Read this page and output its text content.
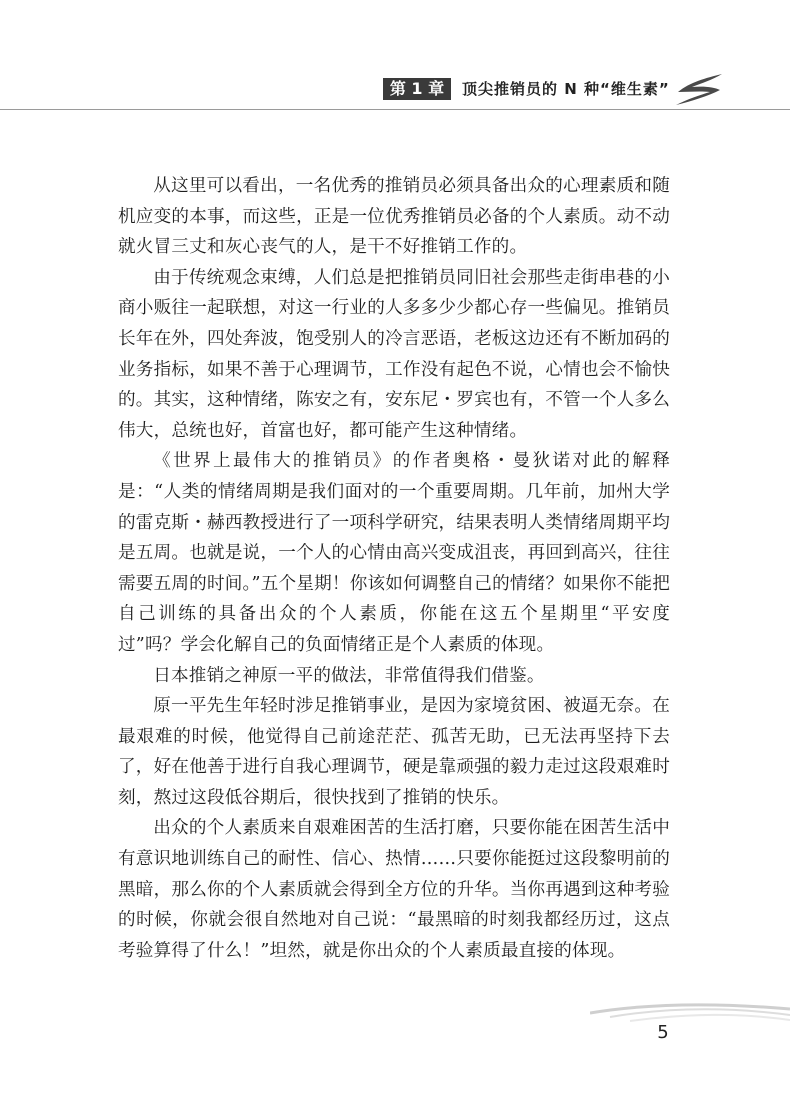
第 1 章	顶尖推销员的 N 种“维生素”

从这里可以看出，一名优秀的推销员必须具备出众的心理素质和随机应变的本事，而这些，正是一位优秀推销员必备的个人素质。动不动就火冒三丈和灰心丧气的人，是干不好推销工作的。

由于传统观念束缚，人们总是把推销员同旧社会那些走街串巷的小商小贩往一起联想，对这一行业的人多多少少都心存一些偏见。推销员长年在外，四处奔波，饱受别人的冷言恶语，老板这边还有不断加码的业务指标，如果不善于心理调节，工作没有起色不说，心情也会不愉快的。其实，这种情绪，陈安之有，安东尼・罗宾也有，不管一个人多么伟大，总统也好，首富也好，都可能产生这种情绪。

《世界上最伟大的推销员》的作者奥格・曼狄诺对此的解释是：“人类的情绪周期是我们面对的一个重要周期。几年前，加州大学的雷克斯・赫西教授进行了一项科学研究，结果表明人类情绪周期平均是五周。也就是说，一个人的心情由高兴变成沮丧，再回到高兴，往往需要五周的时间。”五个星期！你该如何调整自己的情绪？如果你不能把自己训练的具备出众的个人素质，你能在这五个星期里“平安度过”吗？学会化解自己的负面情绪正是个人素质的体现。

日本推销之神原一平的做法，非常值得我们借鉴。

原一平先生年轻时涉足推销事业，是因为家境贫困、被逼无奈。在最艰难的时候，他觉得自己前途茫茫、孤苦无助，已无法再坚持下去了，好在他善于进行自我心理调节，硬是靠顽强的毅力走过这段艰难时刻，熬过这段低谷期后，很快找到了推销的快乐。

出众的个人素质来自艰难困苦的生活打磨，只要你能在困苦生活中有意识地训练自己的耐性、信心、热情……只要你能挺过这段黎明前的黑暗，那么你的个人素质就会得到全方位的升华。当你再遇到这种考验的时候，你就会很自然地对自己说：“最黑暗的时刻我都经历过，这点考验算得了什么！”坦然，就是你出众的个人素质最直接的体现。

5
